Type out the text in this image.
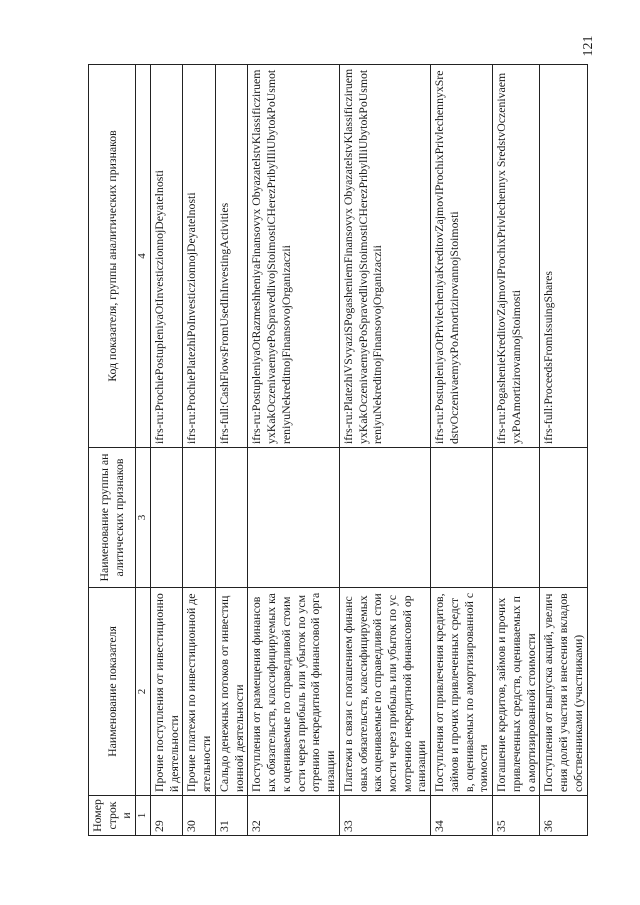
121
Номер строки	Наименование показателя	Наименование группы аналитических признаков	Код показателя, группы аналитических признаков
1	2	3	4
29	Прочие поступления от инвестиционной деятельности		ifrs-ru:ProchiePostupleniyaOtInvesticzionnojDeyatelnosti
30	Прочие платежи по инвестиционной деятельности		ifrs-ru:ProchiePlatezhiPoInvesticzionnojDeyatelnosti
31	Сальдо денежных потоков от инвестиционной деятельности		ifrs-full:CashFlowsFromUsedInInvestingActivities
32	Поступления от размещения финансовых обязательств, классифицируемых как оцениваемые по справедливой стоимости через прибыль или убыток по усмотрению некредитной финансовой организации		ifrs-ru:PostupleniyaOtRazmeshheniyaFinansovyx ObyazatelstvKlassificziruemyxKakOczenivaemyePoSpravedlivojStoimostiCHerezPribylIliUbytokPoUsmotreniyuNekreditnojFinansovojOrganizaczii
33	Платежи в связи с погашением финансовых обязательств, классифицируемых как оцениваемые по справедливой стоимости через прибыль или убыток по усмотрению некредитной финансовой организации		ifrs-ru:PlatezhiVSvyaziSPogasheniemFinansovyx ObyazatelstvKlassificziruemyxKakOczenivaemyePoSpravedlivojStoimostiCHerezPribylIliUbytokPoUsmotreniyuNekreditnojFinansovojOrganizaczii
34	Поступления от привлечения кредитов, займов и прочих привлеченных средств, оцениваемых по амортизированной стоимости		ifrs-ru:PostupleniyaOtPrivlecheniyaKreditovZajmovIProchixPrivlechennyxSredstvOczenivaemyxPoAmortizirovannojStoimosti
35	Погашение кредитов, займов и прочих привлеченных средств, оцениваемых по амортизированной стоимости		ifrs-ru:PogashenieKreditovZajmovIProchixPrivlechennyx SredstvOczenivaemyxPoAmortizirovannojStoimosti
36	Поступления от выпуска акций, увеличения долей участия и внесения вкладов собственниками (участниками)		ifrs-full:ProceedsFromIssuingShares
